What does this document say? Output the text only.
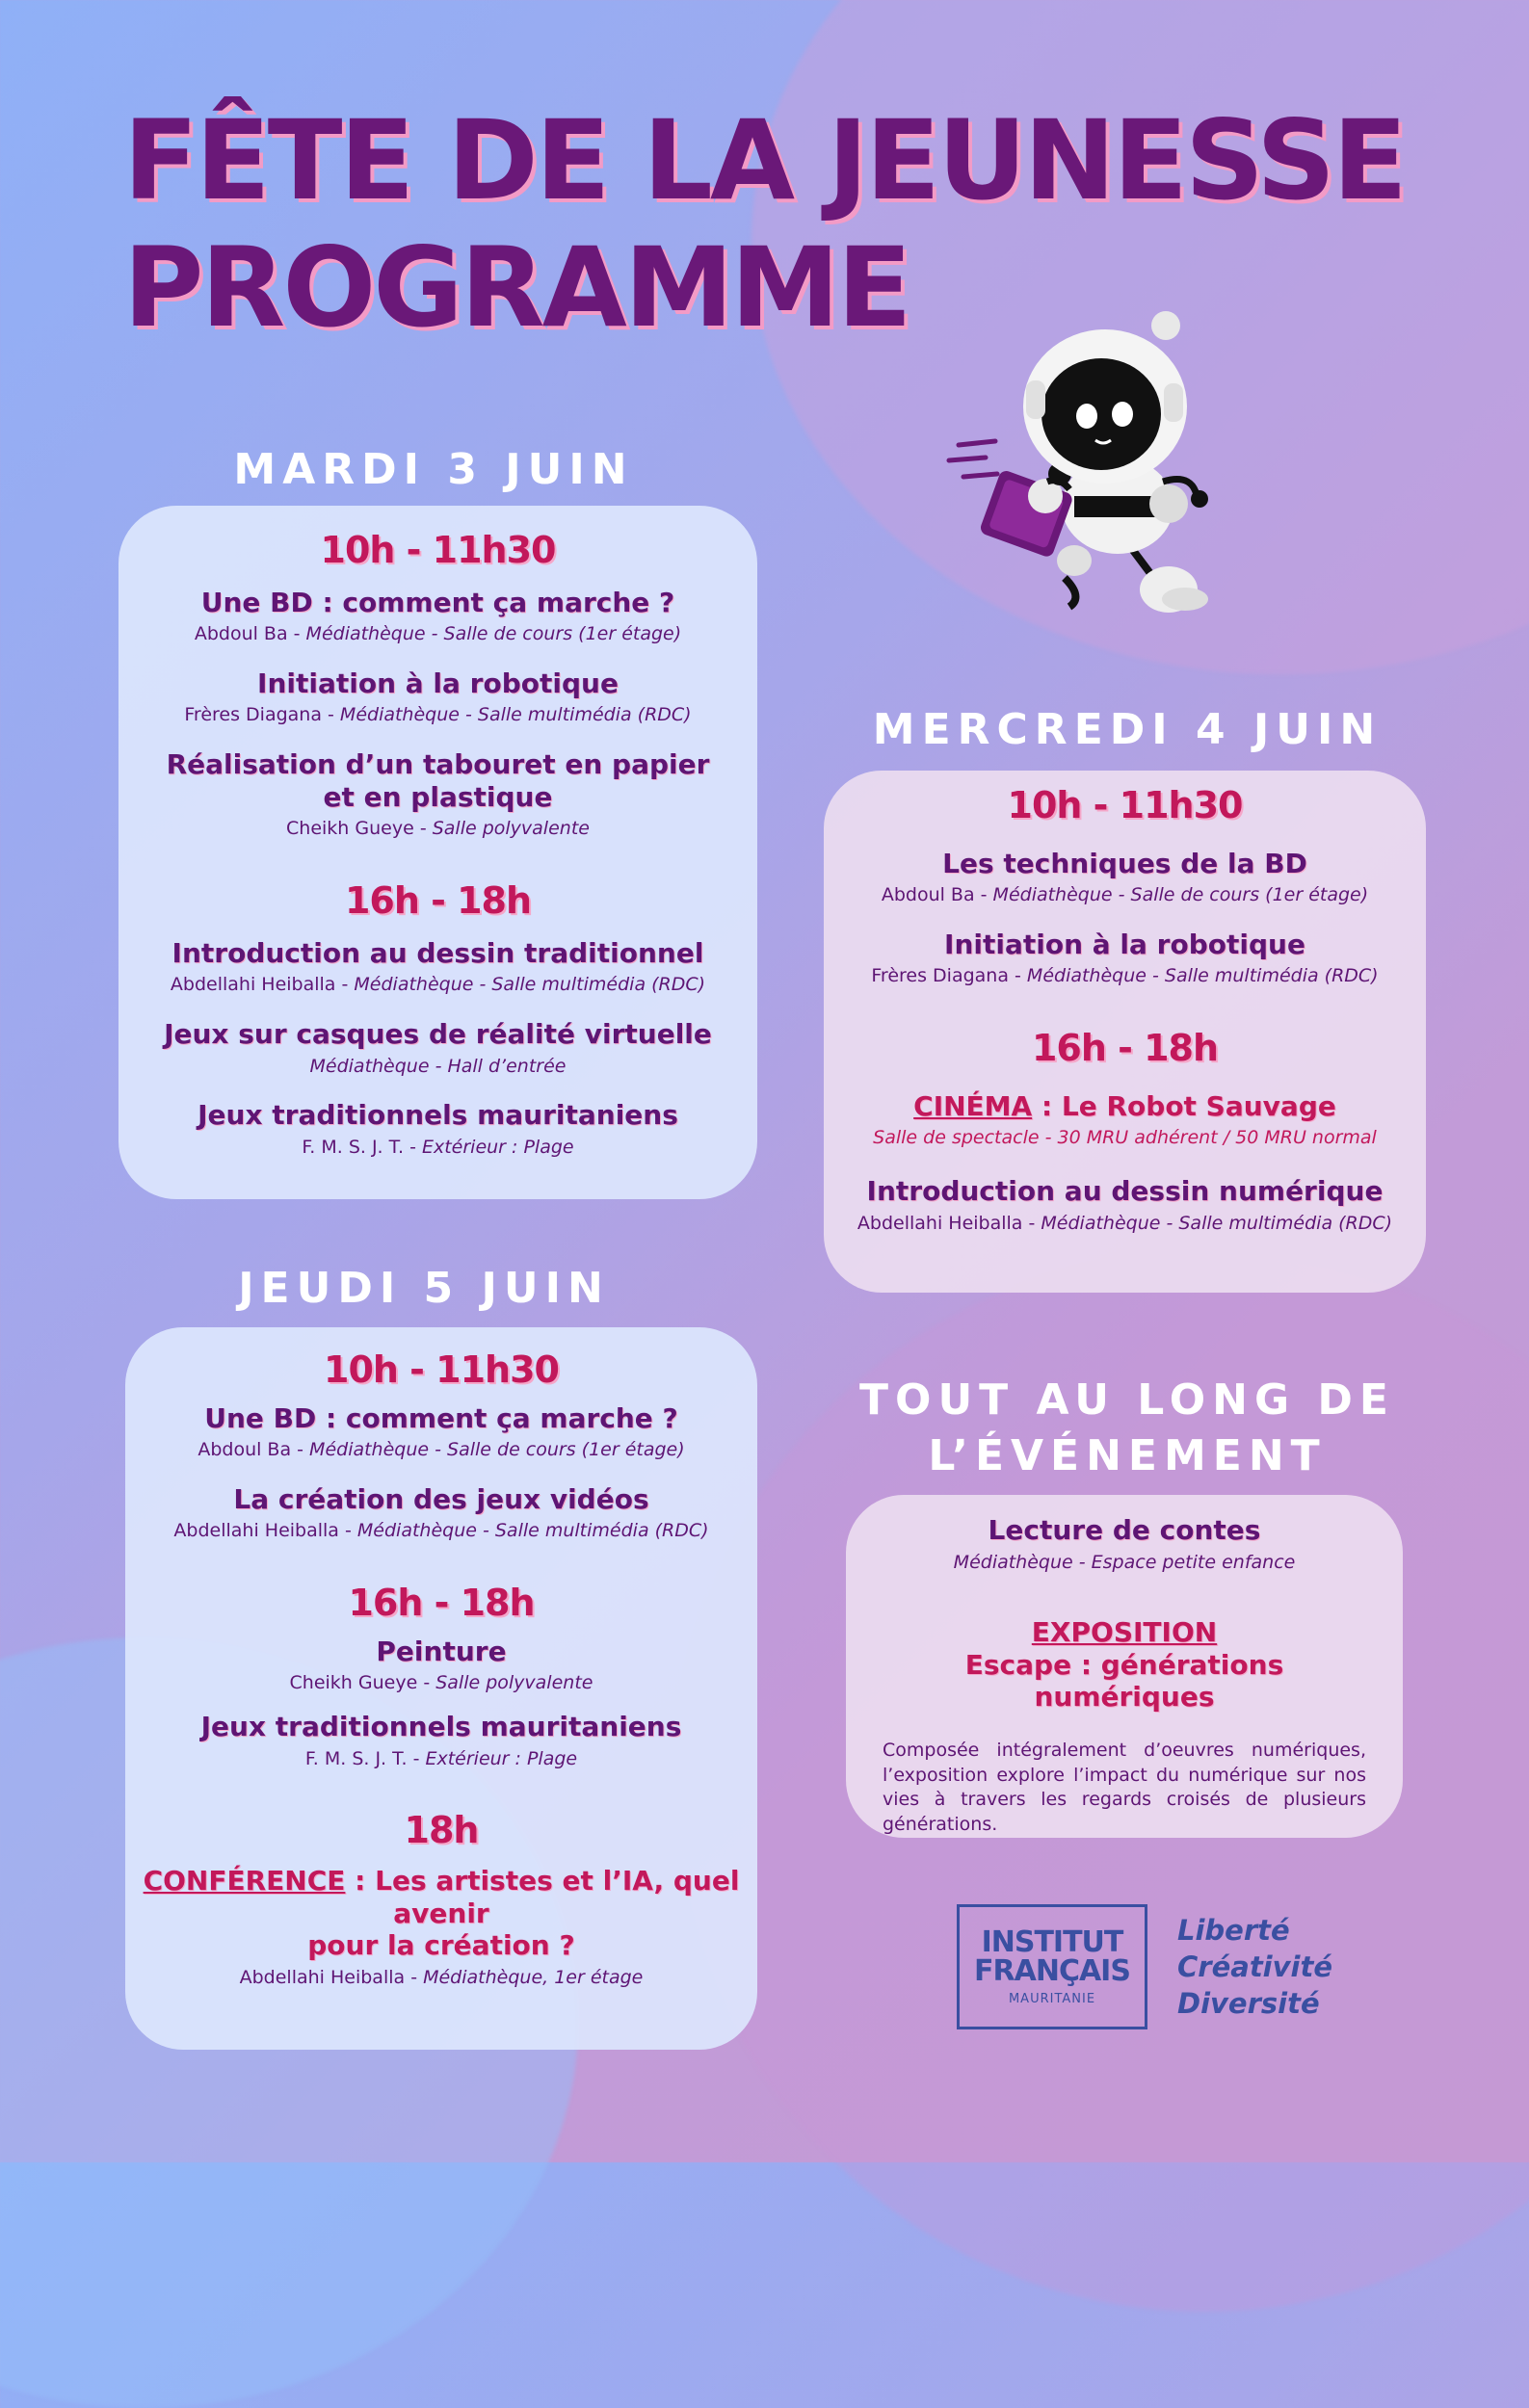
FÊTE DE LA JEUNESSE
PROGRAMME
MARDI 3 JUIN

10h - 11h30

Une BD : comment ça marche ?

Abdoul Ba - Médiathèque - Salle de cours (1er étage)

Initiation à la robotique

Frères Diagana - Médiathèque - Salle multimédia (RDC)

Réalisation d’un tabouret en papier

et en plastique

Cheikh Gueye - Salle polyvalente

16h - 18h

Introduction au dessin traditionnel

Abdellahi Heiballa - Médiathèque - Salle multimédia (RDC)

Jeux sur casques de réalité virtuelle

Médiathèque - Hall d’entrée

Jeux traditionnels mauritaniens

F. M. S. J. T. - Extérieur : Plage

MERCREDI 4 JUIN

10h - 11h30

Les techniques de la BD

Abdoul Ba - Médiathèque - Salle de cours (1er étage)

Initiation à la robotique

Frères Diagana - Médiathèque - Salle multimédia (RDC)

16h - 18h

CINÉMA : Le Robot Sauvage

Salle de spectacle - 30 MRU adhérent / 50 MRU normal

Introduction au dessin numérique

Abdellahi Heiballa - Médiathèque - Salle multimédia (RDC)

JEUDI 5 JUIN

10h - 11h30

Une BD : comment ça marche ?

Abdoul Ba - Médiathèque - Salle de cours (1er étage)

La création des jeux vidéos

Abdellahi Heiballa - Médiathèque - Salle multimédia (RDC)

16h - 18h

Peinture

Cheikh Gueye - Salle polyvalente

Jeux traditionnels mauritaniens

F. M. S. J. T. - Extérieur : Plage

18h

CONFÉRENCE : Les artistes et l’IA, quel avenir

pour la création ?

Abdellahi Heiballa - Médiathèque, 1er étage

TOUT AU LONG DE
L’ÉVÉNEMENT

Lecture de contes

Médiathèque - Espace petite enfance

EXPOSITION

Escape : générations numériques

Composée intégralement d’oeuvres numériques, l’exposition explore l’impact du numérique sur nos vies à travers les regards croisés de plusieurs générations.

INSTITUT
FRANÇAIS
MAURITANIE
Liberté
Créativité
Diversité
